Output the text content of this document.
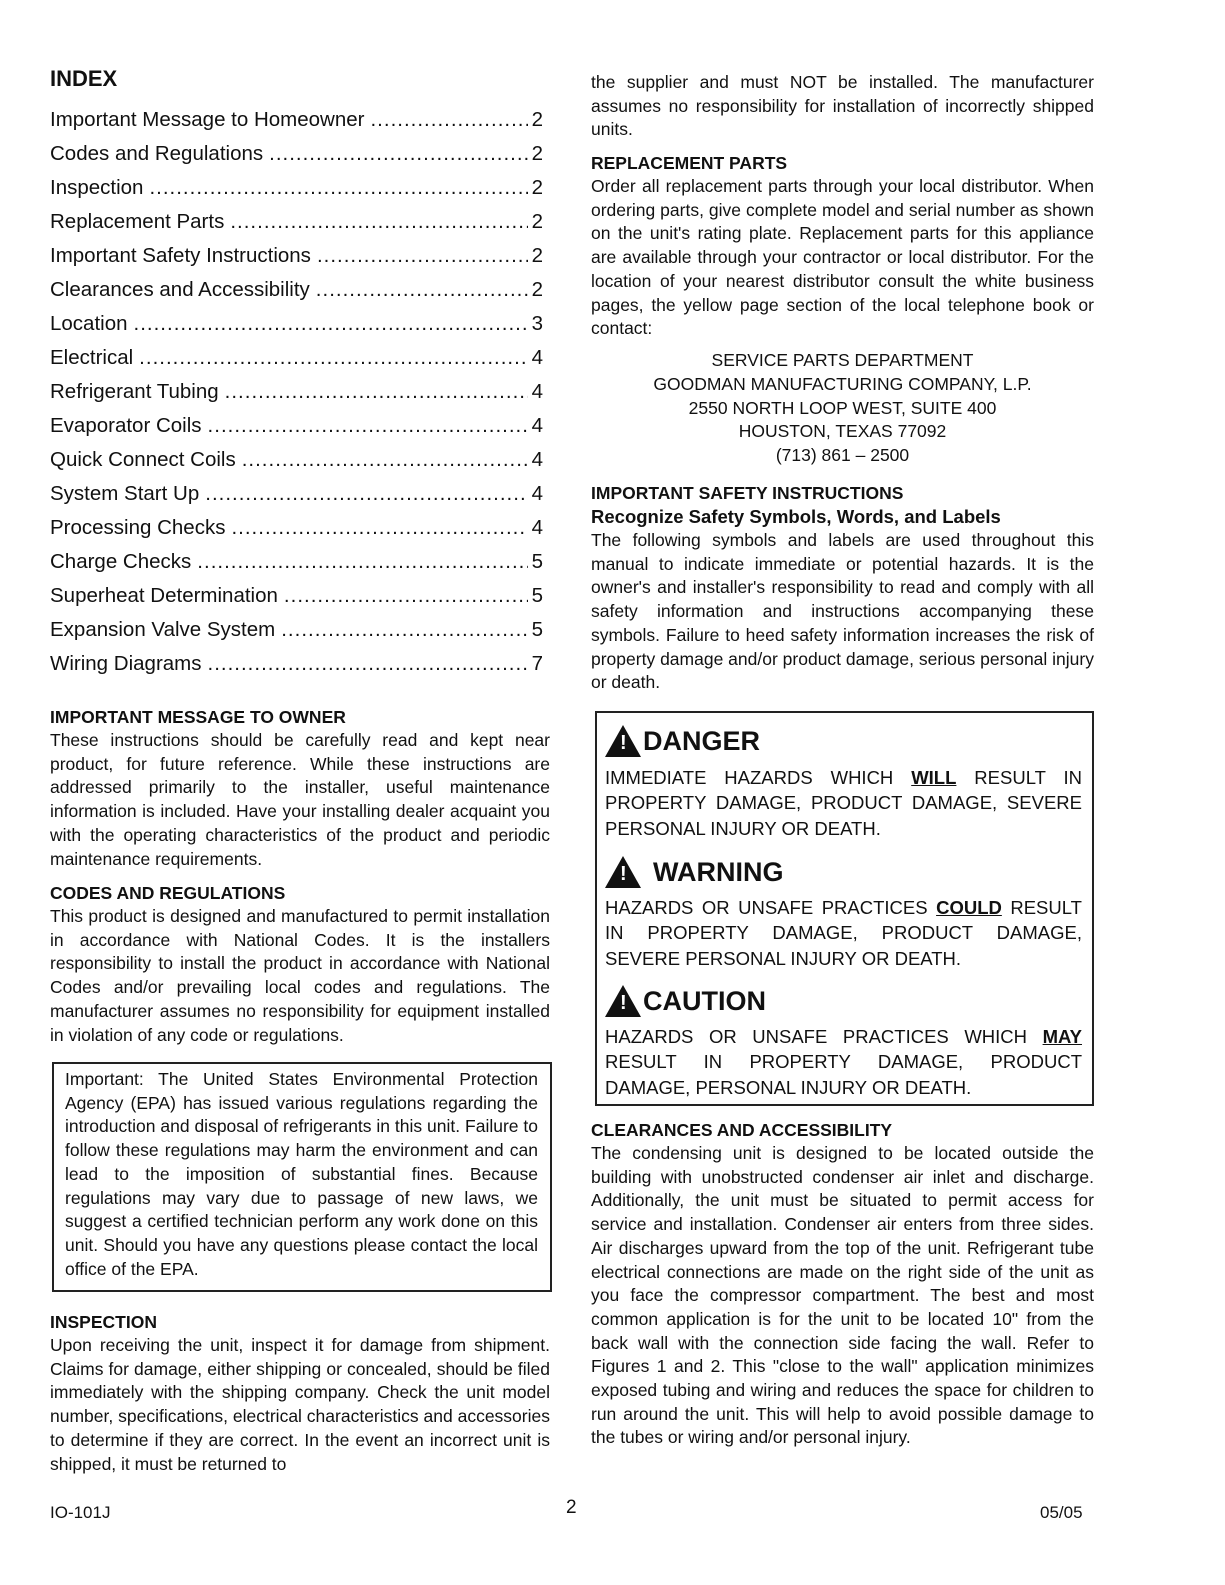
INDEX
Important Message to Homeowner .....	2
Codes and Regulations .....	2
Inspection .....	2
Replacement Parts .....	2
Important Safety Instructions .....	2
Clearances and Accessibility .....	2
Location .....	3
Electrical .....	4
Refrigerant Tubing .....	4
Evaporator Coils .....	4
Quick Connect Coils .....	4
System Start Up .....	4
Processing Checks .....	4
Charge Checks .....	5
Superheat Determination .....	5
Expansion Valve System .....	5
Wiring Diagrams .....	7
IMPORTANT MESSAGE TO OWNER
These instructions should be carefully read and kept near product, for future reference. While these instructions are addressed primarily to the installer, useful maintenance information is included. Have your installing dealer acquaint you with the operating characteristics of the product and periodic maintenance requirements.
CODES AND REGULATIONS
This product is designed and manufactured to permit installation in accordance with National Codes. It is the installers responsibility to install the product in accordance with National Codes and/or prevailing local codes and regulations. The manufacturer assumes no responsibility for equipment installed in violation of any code or regulations.
Important: The United States Environmental Protection Agency (EPA) has issued various regulations regarding the introduction and disposal of refrigerants in this unit. Failure to follow these regulations may harm the environment and can lead to the imposition of substantial fines. Because regulations may vary due to passage of new laws, we suggest a certified technician perform any work done on this unit. Should you have any questions please contact the local office of the EPA.
INSPECTION
Upon receiving the unit, inspect it for damage from shipment. Claims for damage, either shipping or concealed, should be filed immediately with the shipping company. Check the unit model number, specifications, electrical characteristics and accessories to determine if they are correct. In the event an incorrect unit is shipped, it must be returned to
the supplier and must NOT be installed. The manufacturer assumes no responsibility for installation of incorrectly shipped units.
REPLACEMENT PARTS
Order all replacement parts through your local distributor. When ordering parts, give complete model and serial number as shown on the unit's rating plate. Replacement parts for this appliance are available through your contractor or local distributor. For the location of your nearest distributor consult the white business pages, the yellow page section of the local telephone book or contact:
SERVICE PARTS DEPARTMENT
GOODMAN MANUFACTURING COMPANY, L.P.
2550 NORTH LOOP WEST, SUITE 400
HOUSTON, TEXAS 77092
(713) 861 – 2500
IMPORTANT SAFETY INSTRUCTIONS
Recognize Safety Symbols, Words, and Labels
The following symbols and labels are used throughout this manual to indicate immediate or potential hazards. It is the owner's and installer's responsibility to read and comply with all safety information and instructions accompanying these symbols. Failure to heed safety information increases the risk of property damage and/or product damage, serious personal injury or death.
! DANGER
IMMEDIATE HAZARDS WHICH WILL RESULT IN PROPERTY DAMAGE, PRODUCT DAMAGE, SEVERE PERSONAL INJURY OR DEATH.
! WARNING
HAZARDS OR UNSAFE PRACTICES COULD RESULT IN PROPERTY DAMAGE, PRODUCT DAMAGE, SEVERE PERSONAL INJURY OR DEATH.
! CAUTION
HAZARDS OR UNSAFE PRACTICES WHICH MAY RESULT IN PROPERTY DAMAGE, PRODUCT DAMAGE, PERSONAL INJURY OR DEATH.
CLEARANCES AND ACCESSIBILITY
The condensing unit is designed to be located outside the building with unobstructed condenser air inlet and discharge. Additionally, the unit must be situated to permit access for service and installation. Condenser air enters from three sides. Air discharges upward from the top of the unit. Refrigerant tube electrical connections are made on the right side of the unit as you face the compressor compartment. The best and most common application is for the unit to be located 10" from the back wall with the connection side facing the wall. Refer to Figures 1 and 2. This "close to the wall" application minimizes exposed tubing and wiring and reduces the space for children to run around the unit. This will help to avoid possible damage to the tubes or wiring and/or personal injury.
IO-101J	2	05/05
